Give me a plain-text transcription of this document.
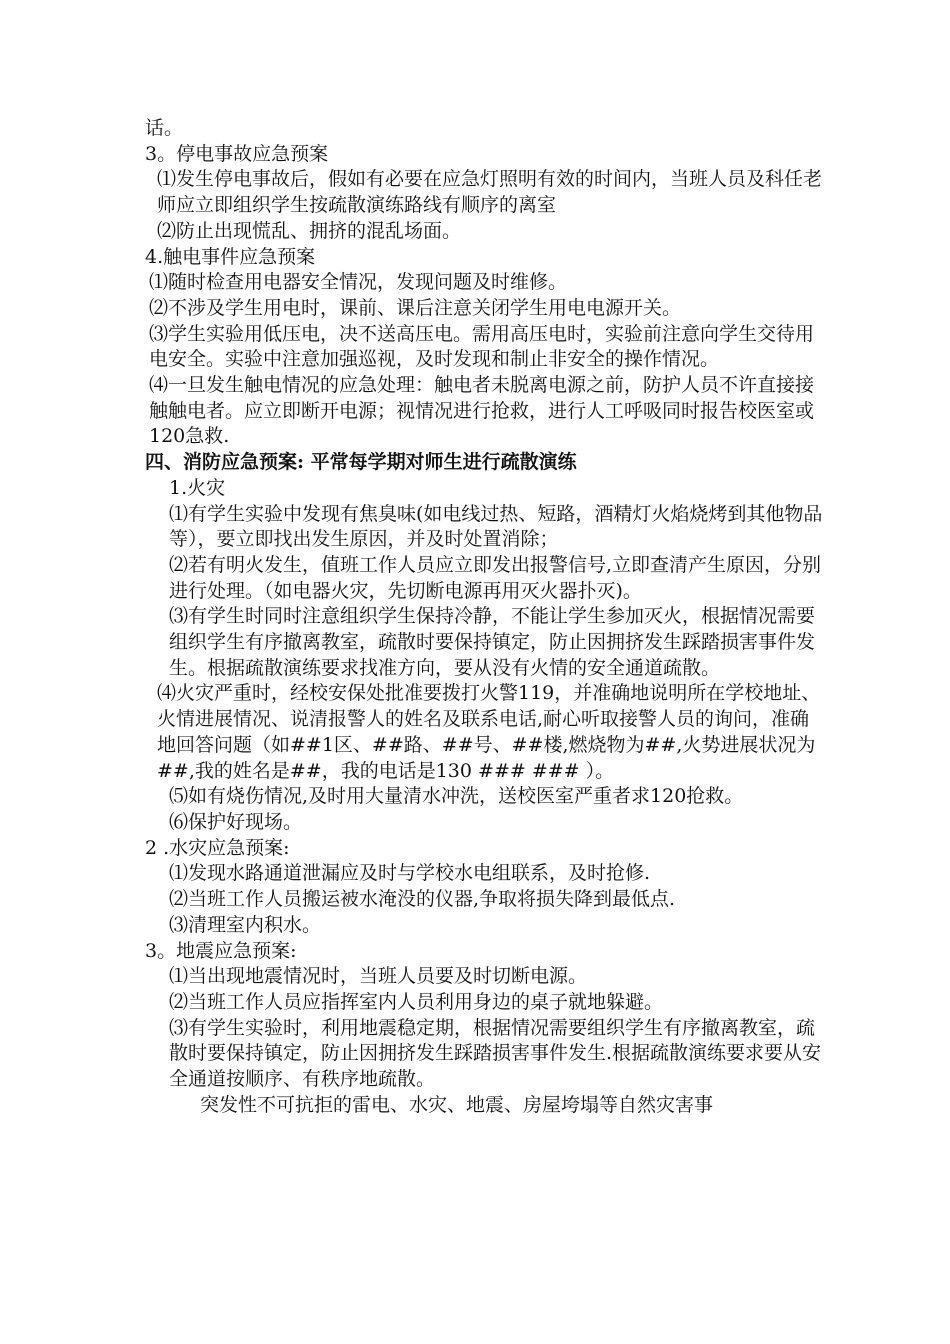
话。

3。停电事故应急预案

⑴发生停电事故后，假如有必要在应急灯照明有效的时间内，当班人员及科任老师应立即组织学生按疏散演练路线有顺序的离室

⑵防止出现慌乱、拥挤的混乱场面。

4.触电事件应急预案

⑴随时检查用电器安全情况，发现问题及时维修。

⑵不涉及学生用电时，课前、课后注意关闭学生用电电源开关。

⑶学生实验用低压电，决不送高压电。需用高压电时，实验前注意向学生交待用电安全。实验中注意加强巡视，及时发现和制止非安全的操作情况。

⑷一旦发生触电情况的应急处理：触电者未脱离电源之前，防护人员不许直接接触触电者。应立即断开电源；视情况进行抢救，进行人工呼吸同时报告校医室或120急救.

四、消防应急预案: 平常每学期对师生进行疏散演练

1.火灾

⑴有学生实验中发现有焦臭味(如电线过热、短路，酒精灯火焰烧烤到其他物品等），要立即找出发生原因，并及时处置消除；

⑵若有明火发生，值班工作人员应立即发出报警信号,立即查清产生原因，分别进行处理。（如电器火灾，先切断电源再用灭火器扑灭)。

⑶有学生时同时注意组织学生保持冷静，不能让学生参加灭火，根据情况需要组织学生有序撤离教室，疏散时要保持镇定，防止因拥挤发生踩踏损害事件发生。根据疏散演练要求找准方向，要从没有火情的安全通道疏散。

⑷火灾严重时，经校安保处批准要拨打火警119，并准确地说明所在学校地址、火情进展情况、说清报警人的姓名及联系电话,耐心听取接警人员的询问，准确地回答问题（如##1区、##路、##号、##楼,燃烧物为##,火势进展状况为##,我的姓名是##，我的电话是130 ### ### ）。

⑸如有烧伤情况,及时用大量清水冲洗，送校医室严重者求120抢救。

⑹保护好现场。

2 .水灾应急预案:

⑴发现水路通道泄漏应及时与学校水电组联系，及时抢修.

⑵当班工作人员搬运被水淹没的仪器,争取将损失降到最低点.

⑶清理室内积水。

3。地震应急预案:

⑴当出现地震情况时，当班人员要及时切断电源。

⑵当班工作人员应指挥室内人员利用身边的桌子就地躲避。

⑶有学生实验时，利用地震稳定期，根据情况需要组织学生有序撤离教室，疏散时要保持镇定，防止因拥挤发生踩踏损害事件发生.根据疏散演练要求要从安全通道按顺序、有秩序地疏散。

突发性不可抗拒的雷电、水灾、地震、房屋垮塌等自然灾害事
